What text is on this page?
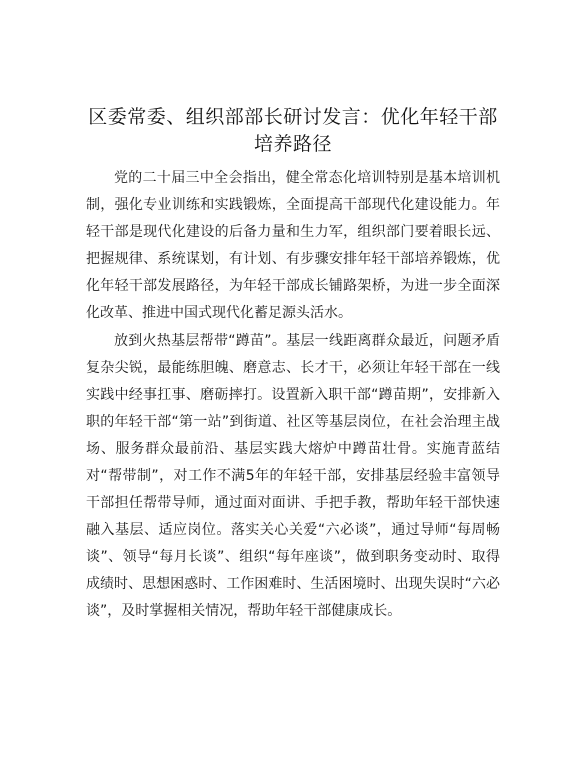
区委常委、组织部部长研讨发言：优化年轻干部培养路径

党的二十届三中全会指出，健全常态化培训特别是基本培训机制，强化专业训练和实践锻炼，全面提高干部现代化建设能力。年轻干部是现代化建设的后备力量和生力军，组织部门要着眼长远、把握规律、系统谋划，有计划、有步骤安排年轻干部培养锻炼，优化年轻干部发展路径，为年轻干部成长铺路架桥，为进一步全面深化改革、推进中国式现代化蓄足源头活水。

放到火热基层帮带“蹲苗”。基层一线距离群众最近，问题矛盾复杂尖锐，最能练胆魄、磨意志、长才干，必须让年轻干部在一线实践中经事扛事、磨砺摔打。设置新入职干部“蹲苗期”，安排新入职的年轻干部“第一站”到街道、社区等基层岗位，在社会治理主战场、服务群众最前沿、基层实践大熔炉中蹲苗壮骨。实施青蓝结对“帮带制”，对工作不满5年的年轻干部，安排基层经验丰富领导干部担任帮带导师，通过面对面讲、手把手教，帮助年轻干部快速融入基层、适应岗位。落实关心关爱“六必谈”，通过导师“每周畅谈”、领导“每月长谈”、组织“每年座谈”，做到职务变动时、取得成绩时、思想困惑时、工作困难时、生活困境时、出现失误时“六必谈”，及时掌握相关情况，帮助年轻干部健康成长。
